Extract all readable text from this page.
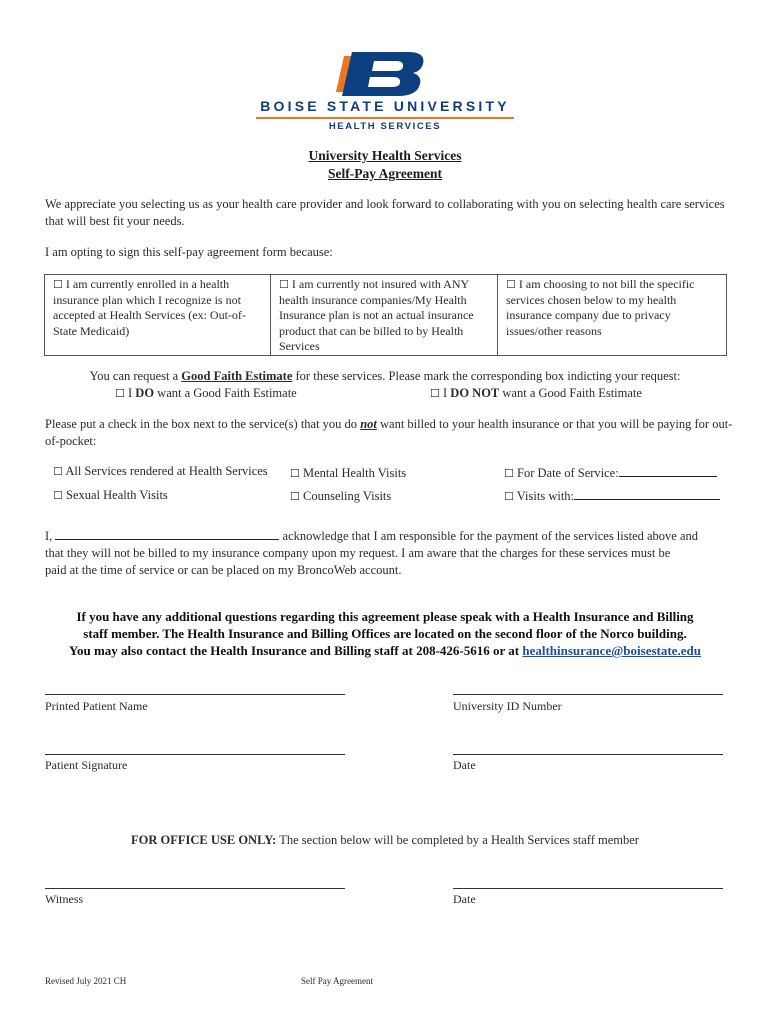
BOISE STATE UNIVERSITY
HEALTH SERVICES
University Health Services
Self-Pay Agreement
We appreciate you selecting us as your health care provider and look forward to collaborating with you on selecting health care services that will best fit your needs.
I am opting to sign this self-pay agreement form because:
☐ I am currently enrolled in a health insurance plan which I recognize is not accepted at Health Services (ex: Out-of-State Medicaid)
☐ I am currently not insured with ANY health insurance companies/My Health Insurance plan is not an actual insurance product that can be billed to by Health Services
☐ I am choosing to not bill the specific services chosen below to my health insurance company due to privacy issues/other reasons
You can request a Good Faith Estimate for these services. Please mark the corresponding box indicting your request:
☐ I DO want a Good Faith Estimate	☐ I DO NOT want a Good Faith Estimate
Please put a check in the box next to the service(s) that you do not want billed to your health insurance or that you will be paying for out-of-pocket:
☐ All Services rendered at Health Services ☐ Mental Health Visits	☐ For Date of Service:
☐ Sexual Health Visits	☐ Counseling Visits	☐ Visits with:
I,	acknowledge that I am responsible for the payment of the services listed above and
that they will not be billed to my insurance company upon my request. I am aware that the charges for these services must be
paid at the time of service or can be placed on my BroncoWeb account.
If you have any additional questions regarding this agreement please speak with a Health Insurance and Billing
staff member. The Health Insurance and Billing Offices are located on the second floor of the Norco building.
You may also contact the Health Insurance and Billing staff at 208-426-5616 or at healthinsurance@boisestate.edu
Printed Patient Name	University ID Number
Patient Signature	Date
FOR OFFICE USE ONLY: The section below will be completed by a Health Services staff member
Witness	Date
Revised July 2021 CH	Self Pay Agreement
